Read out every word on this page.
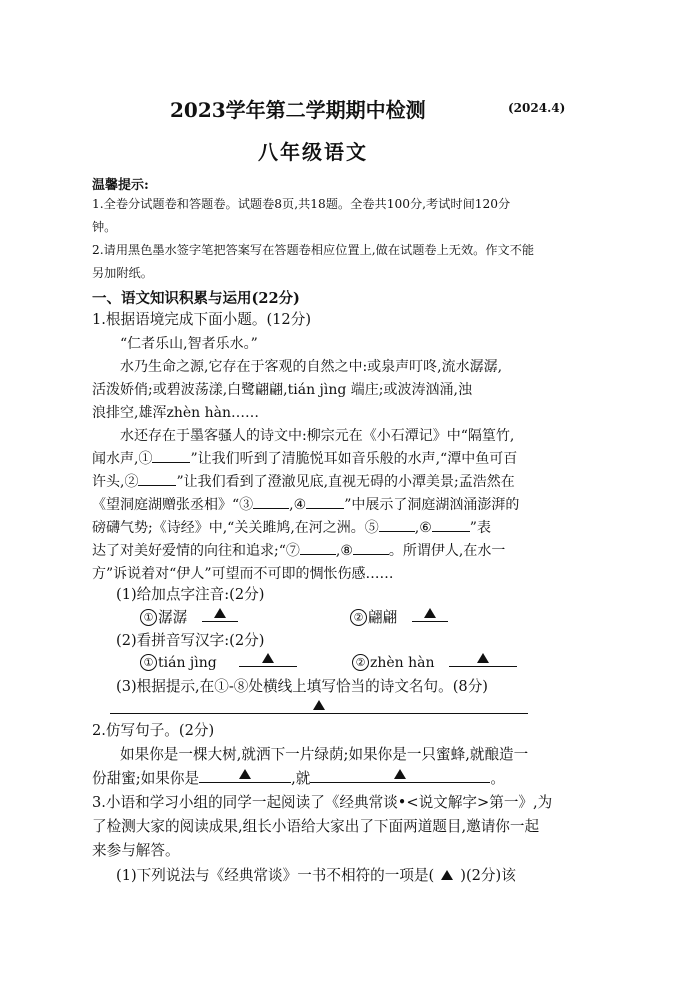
2023学年第二学期期中检测	(2024.4)
八年级语文
温馨提示:
1.全卷分试题卷和答题卷。试题卷8页,共18题。全卷共100分,考试时间120分
钟。
2.请用黑色墨水签字笔把答案写在答题卷相应位置上,做在试题卷上无效。作文不能
另加附纸。
一、语文知识积累与运用(22分)
1.根据语境完成下面小题。(12分)
“仁者乐山,智者乐水。”
水乃生命之源,它存在于客观的自然之中:或泉声叮咚,流水潺潺,
活泼娇俏;或碧波荡漾,白鹭翩翩,tián jìng 端庄;或波涛汹涌,浊
浪排空,雄浑zhèn hàn……
水还存在于墨客骚人的诗文中:柳宗元在《小石潭记》中“隔篁竹,
闻水声,①	”让我们听到了清脆悦耳如音乐般的水声,“潭中鱼可百
许头,②	”让我们看到了澄澈见底,直视无碍的小潭美景;孟浩然在
《望洞庭湖赠张丞相》“③	,④	”中展示了洞庭湖汹涌澎湃的
磅礴气势;《诗经》中,“关关雎鸠,在河之洲。⑤	,⑥	”表
达了对美好爱情的向往和追求;“⑦	,⑧	。所谓伊人,在水一
方”诉说着对“伊人”可望而不可即的惆怅伤感……
(1)给加点字注音:(2分)
① 潺潺	② 翩翩
(2)看拼音写汉字:(2分)
① tián jìng	② zhèn hàn
(3)根据提示,在①-⑧处横线上填写恰当的诗文名句。(8分)
2.仿写句子。(2分)
如果你是一棵大树,就洒下一片绿荫;如果你是一只蜜蜂,就酿造一
份甜蜜;如果你是	,就	。
3.小语和学习小组的同学一起阅读了《经典常谈•<说文解字>第一》,为
了检测大家的阅读成果,组长小语给大家出了下面两道题目,邀请你一起
来参与解答。
(1)下列说法与《经典常谈》一书不相符的一项是( )(2分)该
